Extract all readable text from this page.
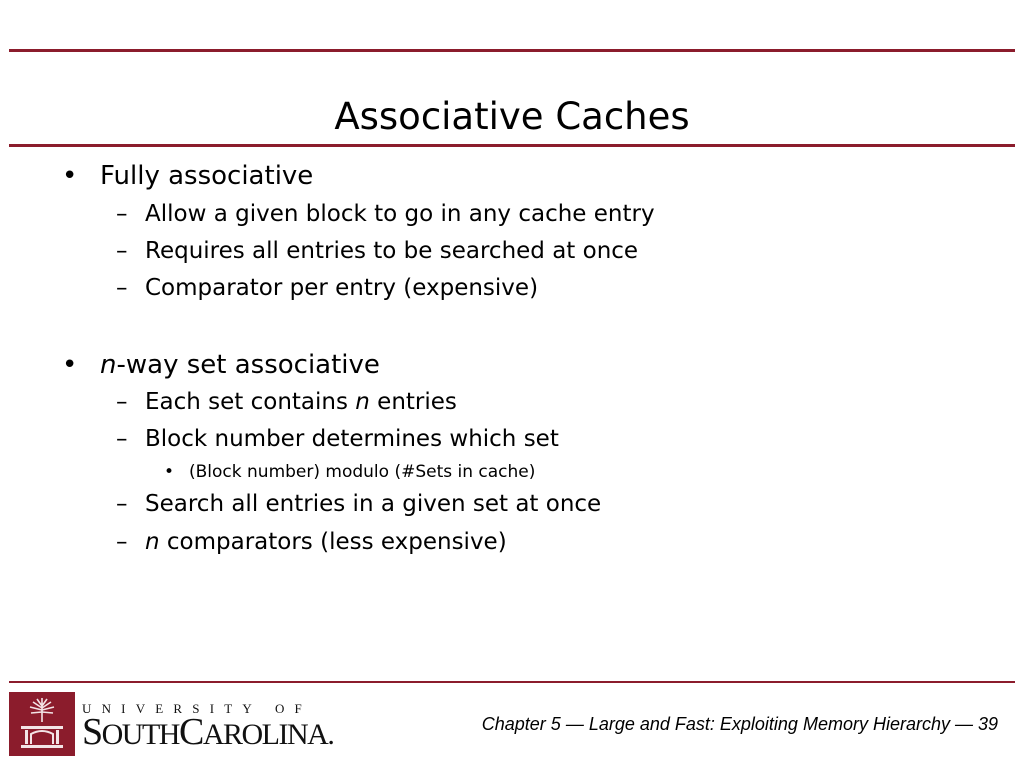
Associative Caches
• Fully associative
– Allow a given block to go in any cache entry
– Requires all entries to be searched at once
– Comparator per entry (expensive)
• n-way set associative
– Each set contains n entries
– Block number determines which set
• (Block number) modulo (#Sets in cache)
– Search all entries in a given set at once
– n comparators (less expensive)
UNIVERSITY OF
SOUTHCAROLINA.	Chapter 5 — Large and Fast: Exploiting Memory Hierarchy — 39
